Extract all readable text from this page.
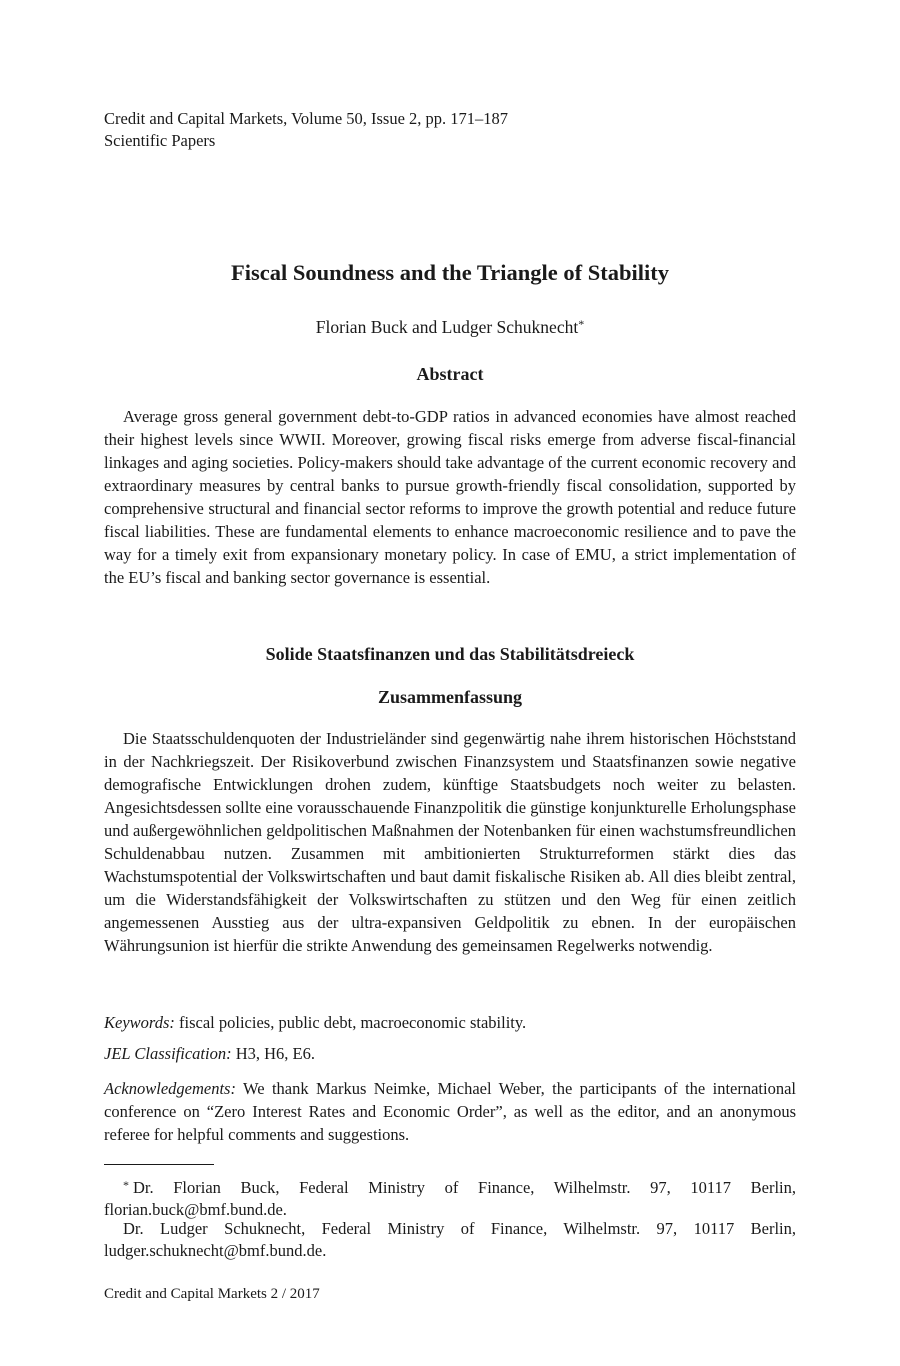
Credit and Capital Markets, Volume 50, Issue 2, pp. 171–187
Scientific Papers
Fiscal Soundness and the Triangle of Stability
Florian Buck and Ludger Schuknecht*
Abstract

Average gross general government debt-to-GDP ratios in advanced economies have almost reached their highest levels since WWII. Moreover, growing fiscal risks emerge from adverse fiscal-financial linkages and aging societies. Policy-makers should take advantage of the current economic recovery and extraordinary measures by central banks to pursue growth-friendly fiscal consolidation, supported by comprehensive structural and financial sector reforms to improve the growth potential and reduce future fiscal liabilities. These are fundamental elements to enhance macroeconomic resilience and to pave the way for a timely exit from expansionary monetary policy. In case of EMU, a strict implementation of the EU’s fiscal and banking sector governance is essential.

Solide Staatsfinanzen und das Stabilitätsdreieck
Zusammenfassung

Die Staatsschuldenquoten der Industrieländer sind gegenwärtig nahe ihrem historischen Höchststand in der Nachkriegszeit. Der Risikoverbund zwischen Finanzsystem und Staatsfinanzen sowie negative demografische Entwicklungen drohen zudem, künftige Staatsbudgets noch weiter zu belasten. Angesichtsdessen sollte eine vorausschauende Finanzpolitik die günstige konjunkturelle Erholungsphase und außergewöhnlichen geldpolitischen Maßnahmen der Notenbanken für einen wachstumsfreundlichen Schuldenabbau nutzen. Zusammen mit ambitionierten Strukturreformen stärkt dies das Wachstumspotential der Volkswirtschaften und baut damit fiskalische Risiken ab. All dies bleibt zentral, um die Widerstandsfähigkeit der Volkswirtschaften zu stützen und den Weg für einen zeitlich angemessenen Ausstieg aus der ultra-expansiven Geldpolitik zu ebnen. In der europäischen Währungsunion ist hierfür die strikte Anwendung des gemeinsamen Regelwerks notwendig.

Keywords: fiscal policies, public debt, macroeconomic stability.

JEL Classification: H3, H6, E6.

Acknowledgements: We thank Markus Neimke, Michael Weber, the participants of the international conference on “Zero Interest Rates and Economic Order”, as well as the editor, and an anonymous referee for helpful comments and suggestions.

* Dr. Florian Buck, Federal Ministry of Finance, Wilhelmstr. 97, 10117 Berlin, florian.buck@bmf.bund.de.

Dr. Ludger Schuknecht, Federal Ministry of Finance, Wilhelmstr. 97, 10117 Berlin, ludger.schuknecht@bmf.bund.de.

Credit and Capital Markets 2 / 2017
